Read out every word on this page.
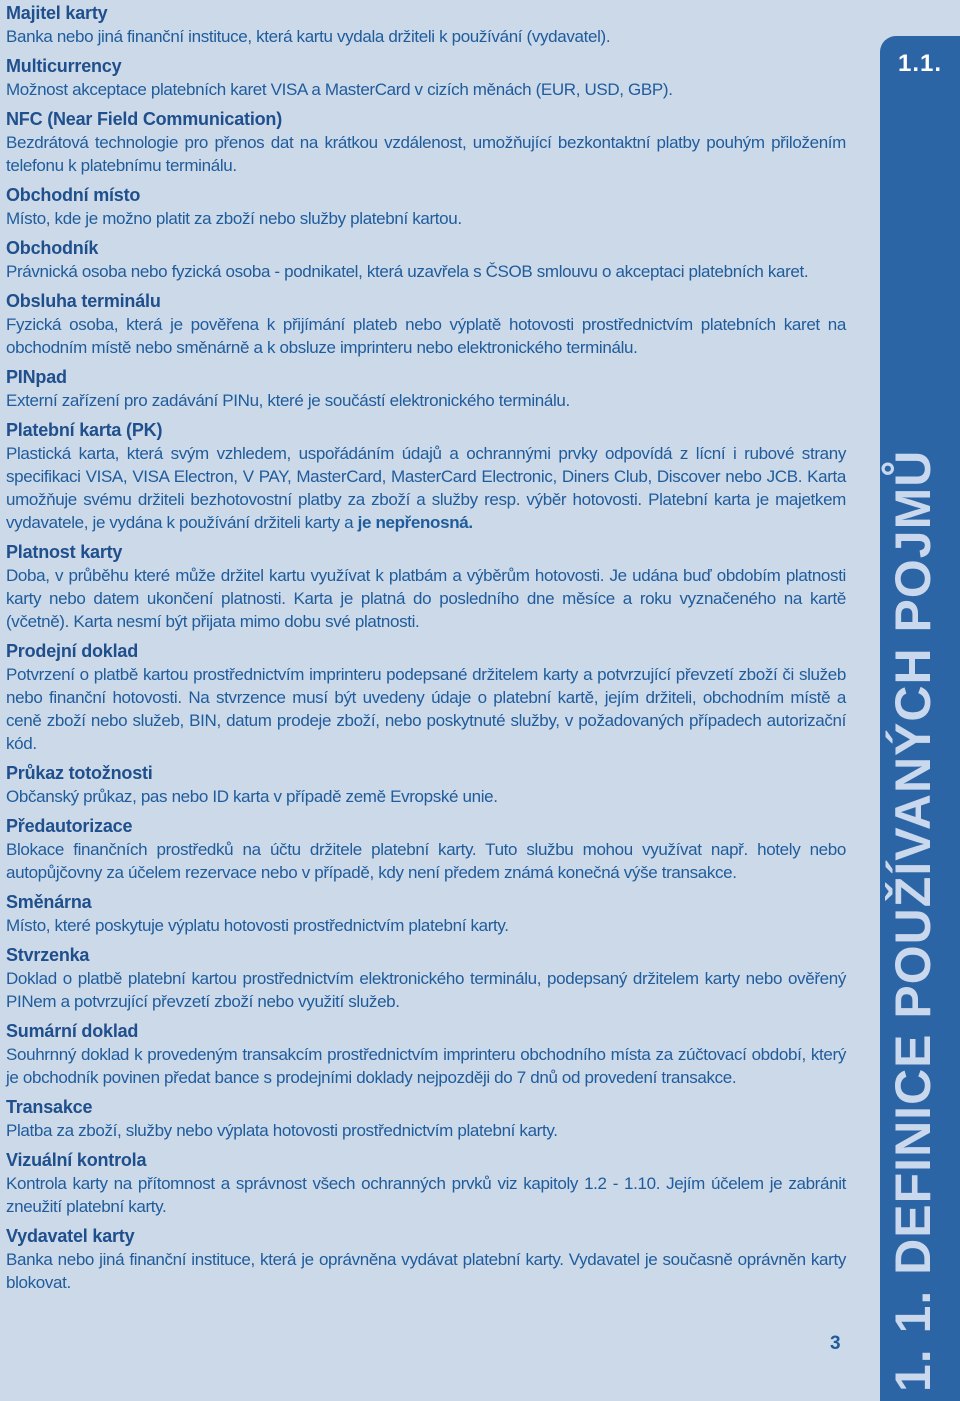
Majitel karty
Banka nebo jiná finanční instituce, která kartu vydala držiteli k používání (vydavatel).
Multicurrency
Možnost akceptace platebních karet VISA a MasterCard v cizích měnách (EUR, USD, GBP).
NFC (Near Field Communication)
Bezdrátová technologie pro přenos dat na krátkou vzdálenost, umožňující bezkontaktní platby pouhým přiložením telefonu k platebnímu terminálu.
Obchodní místo
Místo, kde je možno platit za zboží nebo služby platební kartou.
Obchodník
Právnická osoba nebo fyzická osoba - podnikatel, která uzavřela s ČSOB smlouvu o akceptaci platebních karet.
Obsluha terminálu
Fyzická osoba, která je pověřena k přijímání plateb nebo výplatě hotovosti prostřednictvím platebních karet na obchodním místě nebo směnárně a k obsluze imprinteru nebo elektronického terminálu.
PINpad
Externí zařízení pro zadávání PINu, které je součástí elektronického terminálu.
Platební karta (PK)
Plastická karta, která svým vzhledem, uspořádáním údajů a ochrannými prvky odpovídá z lícní i rubové strany specifikaci VISA, VISA Electron, V PAY, MasterCard, MasterCard Electronic, Diners Club, Discover nebo JCB. Karta umožňuje svému držiteli bezhotovostní platby za zboží a služby resp. výběr hotovosti. Platební karta je majetkem vydavatele, je vydána k používání držiteli karty a je nepřenosná.
Platnost karty
Doba, v průběhu které může držitel kartu využívat k platbám a výběrům hotovosti. Je udána buď obdobím platnosti karty nebo datem ukončení platnosti. Karta je platná do posledního dne měsíce a roku vyznačeného na kartě (včetně). Karta nesmí být přijata mimo dobu své platnosti.
Prodejní doklad
Potvrzení o platbě kartou prostřednictvím imprinteru podepsané držitelem karty a potvrzující převzetí zboží či služeb nebo finanční hotovosti. Na stvrzence musí být uvedeny údaje o platební kartě, jejím držiteli, obchodním místě a ceně zboží nebo služeb, BIN, datum prodeje zboží, nebo poskytnuté služby, v požadovaných případech autorizační kód.
Průkaz totožnosti
Občanský průkaz, pas nebo ID karta v případě země Evropské unie.
Předautorizace
Blokace finančních prostředků na účtu držitele platební karty. Tuto službu mohou využívat např. hotely nebo autopůjčovny za účelem rezervace nebo v případě, kdy není předem známá konečná výše transakce.
Směnárna
Místo, které poskytuje výplatu hotovosti prostřednictvím platební karty.
Stvrzenka
Doklad o platbě platební kartou prostřednictvím elektronického terminálu, podepsaný držitelem karty nebo ověřený PINem a potvrzující převzetí zboží nebo využití služeb.
Sumární doklad
Souhrnný doklad k provedeným transakcím prostřednictvím imprinteru obchodního místa za zúčtovací období, který je obchodník povinen předat bance s prodejními doklady nejpozději do 7 dnů od provedení transakce.
Transakce
Platba za zboží, služby nebo výplata hotovosti prostřednictvím platební karty.
Vizuální kontrola
Kontrola karty na přítomnost a správnost všech ochranných prvků viz kapitoly 1.2 - 1.10. Jejím účelem je zabránit zneužití platební karty.
Vydavatel karty
Banka nebo jiná finanční instituce, která je oprávněna vydávat platební karty. Vydavatel je současně oprávněn karty blokovat.
3
1.1.
1. 1. DEFINICE POUŽÍVANÝCH POJMŮ
